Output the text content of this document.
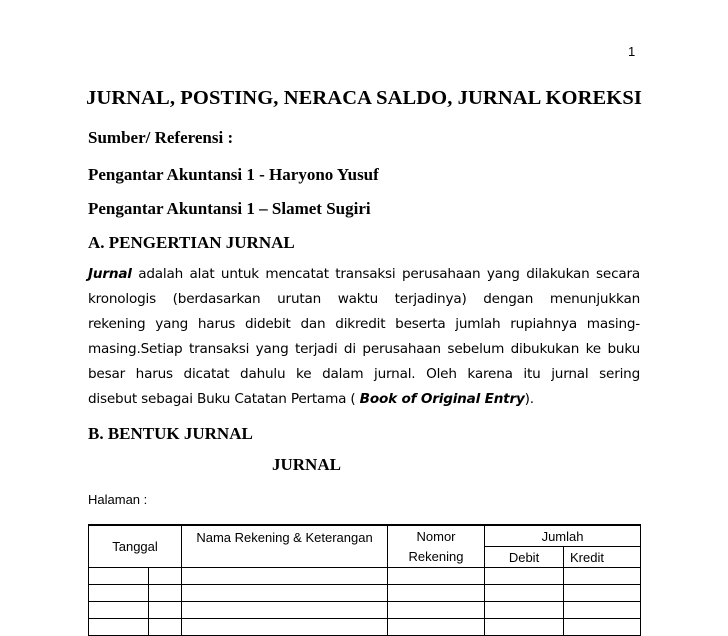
1
JURNAL, POSTING, NERACA SALDO, JURNAL KOREKSI

Sumber/ Referensi :

Pengantar Akuntansi 1 - Haryono Yusuf

Pengantar Akuntansi 1 – Slamet Sugiri

A. PENGERTIAN JURNAL

Jurnal adalah alat untuk mencatat transaksi perusahaan yang dilakukan secara
kronologis (berdasarkan urutan waktu terjadinya) dengan menunjukkan
rekening yang harus didebit dan dikredit beserta jumlah rupiahnya masing-
masing.Setiap transaksi yang terjadi di perusahaan sebelum dibukukan ke buku
besar harus dicatat dahulu ke dalam jurnal. Oleh karena itu jurnal sering
disebut sebagai Buku Catatan Pertama ( Book of Original Entry).

B. BENTUK JURNAL

JURNAL

Halaman :
Tanggal		Nama Rekening & Keterangan	Nomor	Jumlah	
			Rekening	Debit	Kredit
